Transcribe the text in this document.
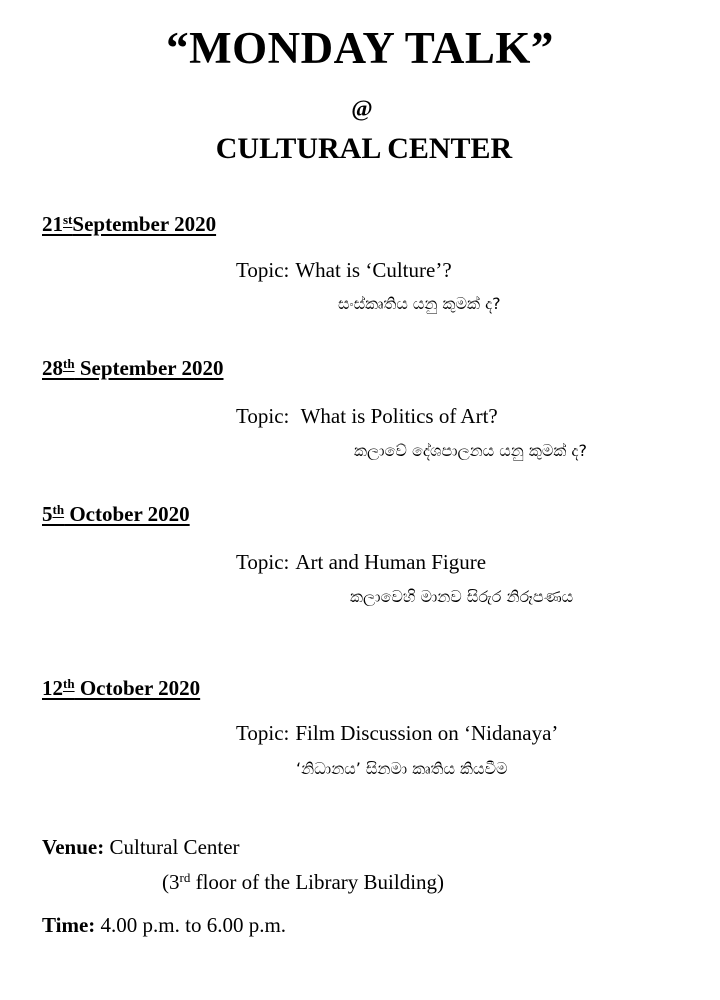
“MONDAY TALK”
@
CULTURAL CENTER
21stSeptember 2020
Topic: What is ‘Culture’?
සංස්කෘතිය යනු කුමක් ද?
28th September 2020
Topic: What is Politics of Art?
කලාවේ දේශපාලනය යනු කුමක් ද?
5th October 2020
Topic: Art and Human Figure
කලාවෙහි මානව සිරුර නිරූපණය
12th October 2020
Topic: Film Discussion on ‘Nidanaya’
‘නිධානය’ සිනමා කෘතිය කියවීම
Venue: Cultural Center
(3rd floor of the Library Building)
Time: 4.00 p.m. to 6.00 p.m.
